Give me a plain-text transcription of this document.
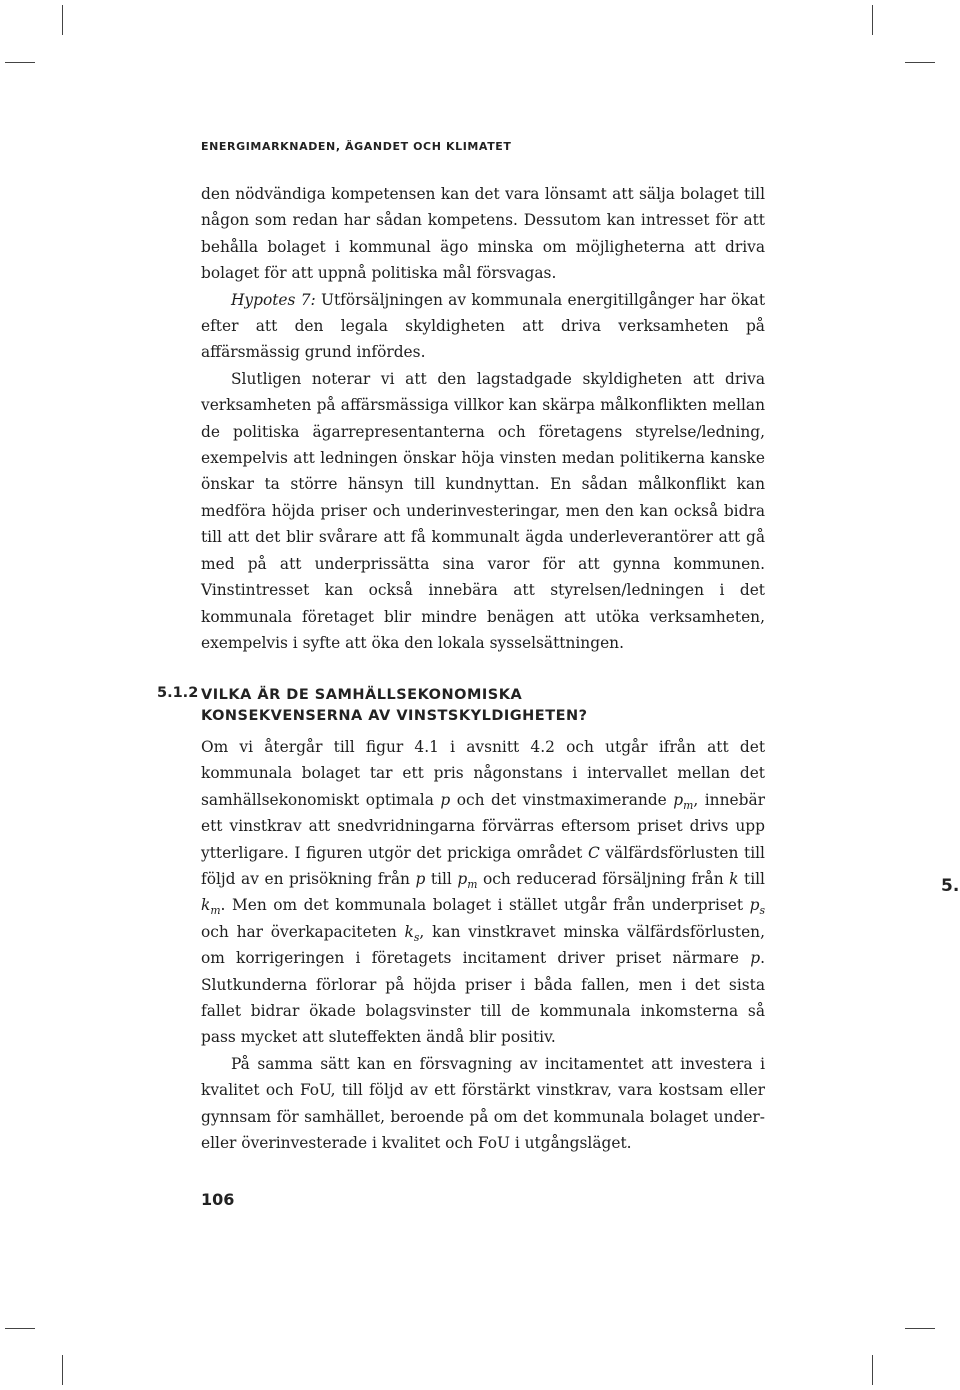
ENERGIMARKNADEN, ÄGANDET OCH KLIMATET

den nödvändiga kompetensen kan det vara lönsamt att sälja bolaget till någon som redan har sådan kompetens. Dessutom kan intresset för att behålla bolaget i kommunal ägo minska om möjligheterna att driva bolaget för att uppnå politiska mål försvagas.

Hypotes 7: Utförsäljningen av kommunala energitillgånger har ökat efter att den legala skyldigheten att driva verksamheten på affärsmässig grund infördes.

Slutligen noterar vi att den lagstadgade skyldigheten att driva verksamheten på affärsmässiga villkor kan skärpa målkonflikten mellan de politiska ägarrepresentanterna och företagens styrelse/ledning, exempelvis att ledningen önskar höja vinsten medan politikerna kanske önskar ta större hänsyn till kundnyttan. En sådan målkonflikt kan medföra höjda priser och underinvesteringar, men den kan också bidra till att det blir svårare att få kommunalt ägda underleverantörer att gå med på att underprissätta sina varor för att gynna kommunen. Vinstintresset kan också innebära att styrelsen/ledningen i det kommunala företaget blir mindre benägen att utöka verksamheten, exempelvis i syfte att öka den lokala sysselsättningen.

5.1.2 VILKA ÄR DE SAMHÄLLSEKONOMISKA
KONSEKVENSERNA AV VINSTSKYLDIGHETEN?

Om vi återgår till figur 4.1 i avsnitt 4.2 och utgår ifrån att det kommunala bolaget tar ett pris någonstans i intervallet mellan det samhällsekonomiskt optimala p och det vinstmaximerande $p_m$, innebär ett vinstkrav att snedvridningarna förvärras eftersom priset drivs upp ytterligare. I figuren utgör det prickiga området C välfärdsförlusten till följd av en prisökning från p till $p_m$ och reducerad försäljning från k till $k_m$. Men om det kommunala bolaget i stället utgår från underpriset $p_s$ och har överkapaciteten $k_s$, kan vinstkravet minska välfärdsförlusten, om korrigeringen i företagets incitament driver priset närmare p. Slutkunderna förlorar på höjda priser i båda fallen, men i det sista fallet bidrar ökade bolagsvinster till de kommunala inkomsterna så pass mycket att sluteffekten ändå blir positiv.

På samma sätt kan en försvagning av incitamentet att investera i kvalitet och FoU, till följd av ett förstärkt vinstkrav, vara kostsam eller gynnsam för samhället, beroende på om det kommunala bolaget under- eller överinvesterade i kvalitet och FoU i utgångsläget.

5.
106
